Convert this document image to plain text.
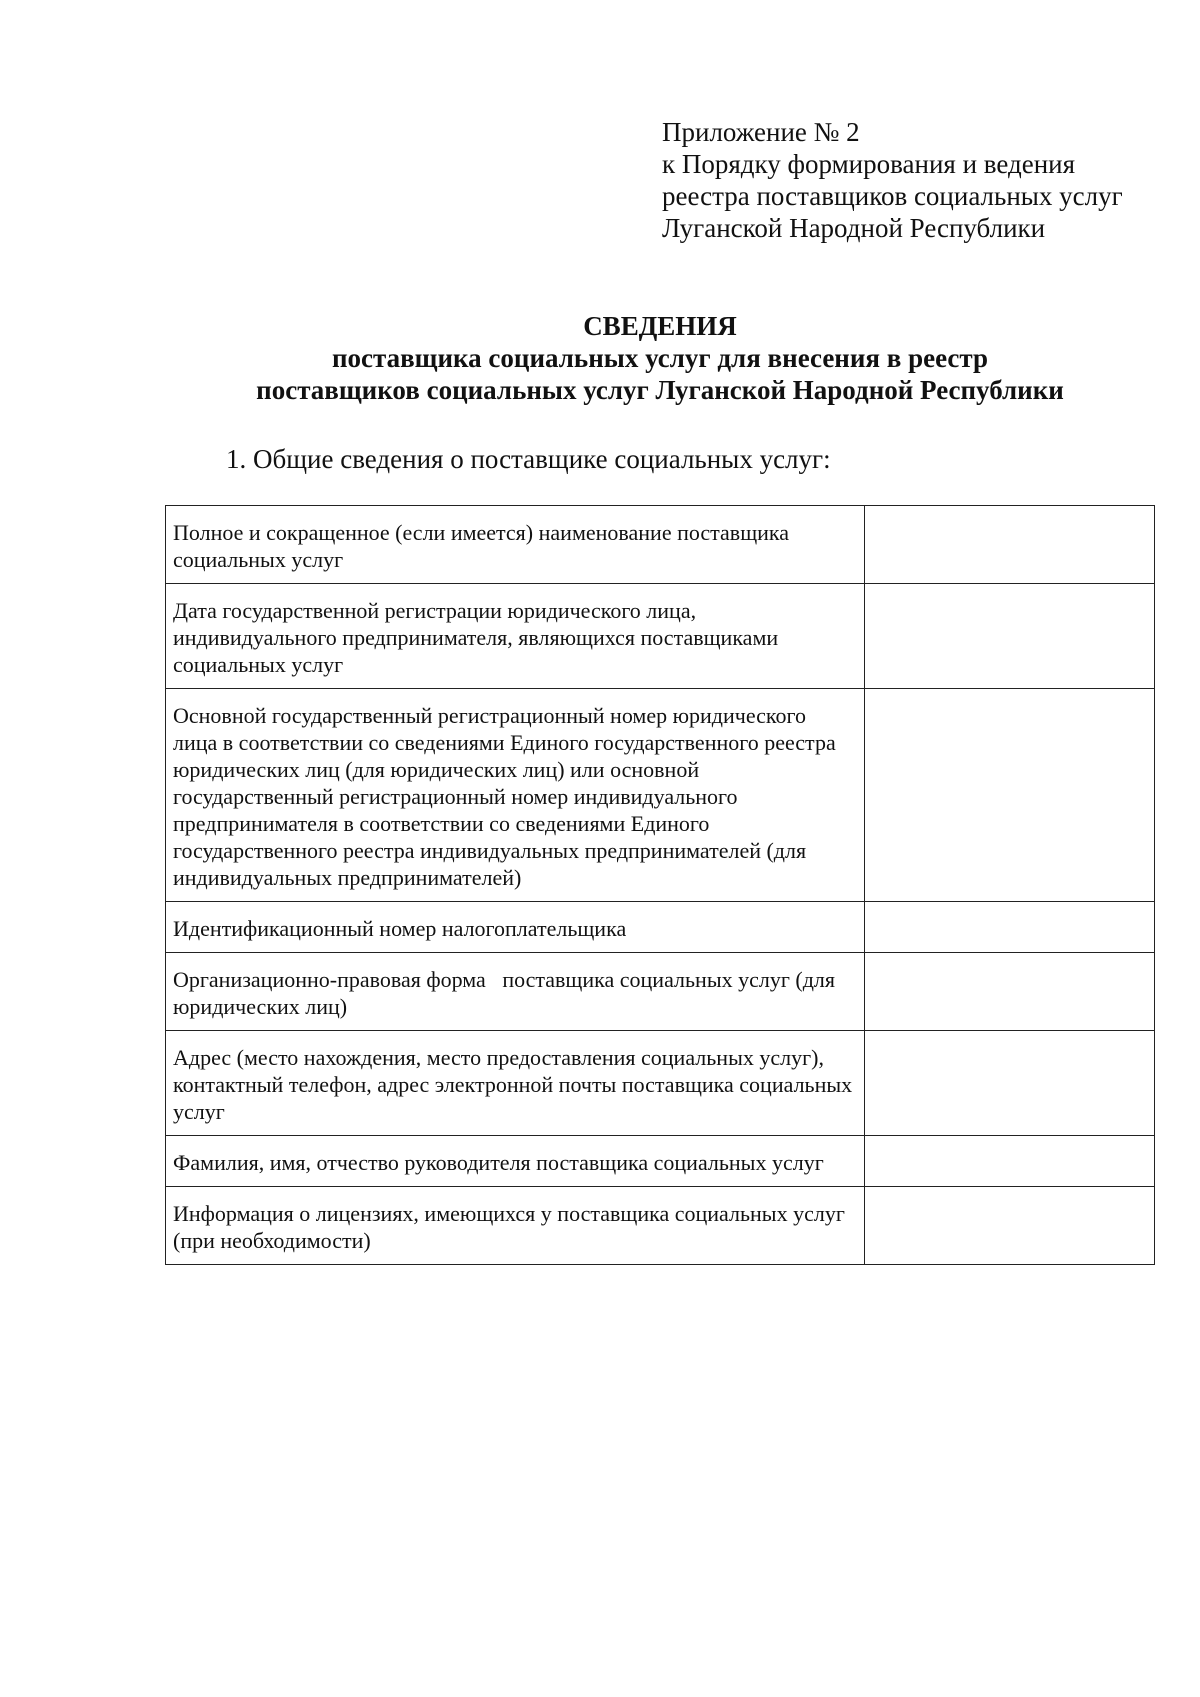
Приложение № 2
к Порядку формирования и ведения
реестра поставщиков социальных услуг
Луганской Народной Республики
СВЕДЕНИЯ
поставщика социальных услуг для внесения в реестр
поставщиков социальных услуг Луганской Народной Республики
1. Общие сведения о поставщике социальных услуг:
Полное и сокращенное (если имеется) наименование поставщика социальных услуг	
Дата государственной регистрации юридического лица, индивидуального предпринимателя, являющихся поставщиками социальных услуг	
Основной государственный регистрационный номер юридического лица в соответствии со сведениями Единого государственного реестра юридических лиц (для юридических лиц) или основной государственный регистрационный номер индивидуального предпринимателя в соответствии со сведениями Единого государственного реестра индивидуальных предпринимателей (для индивидуальных предпринимателей)	
Идентификационный номер налогоплательщика	
Организационно-правовая форма   поставщика социальных услуг (для юридических лиц)	
Адрес (место нахождения, место предоставления социальных услуг), контактный телефон, адрес электронной почты поставщика социальных услуг	
Фамилия, имя, отчество руководителя поставщика социальных услуг	
Информация о лицензиях, имеющихся у поставщика социальных услуг (при необходимости)	
